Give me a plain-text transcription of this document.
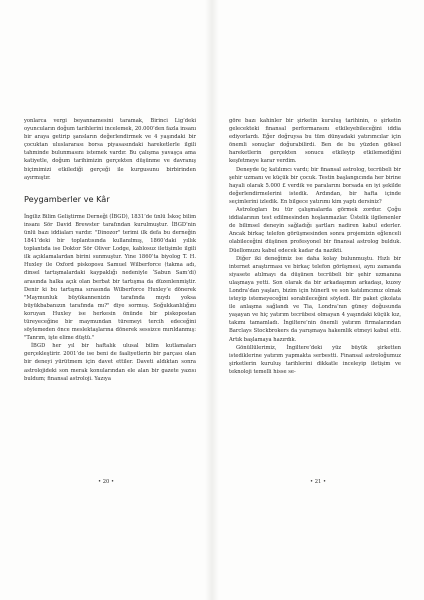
yonlarca vergi beyannamesini taramak, Birinci Lig’deki oyuncuların doğum tarihlerini incelemek, 20.000’den fazla insanı bir araya getirip şansların değerlendirmek ve 4 yaşındaki bir çocuktan uluslararası borsa piyasasındaki hareketlerle ilgili tahminde bulunmasını istemek vardır. Bu çalışma yavaşça ama katiyetle, doğum tarihimizin gerçekten düşünme ve davranış biçimimizi etkilediği gerçeği ile kurgusunu birbirinden ayırmıştır.

Peygamberler ve Kâr

İngiliz Bilim Geliştirme Derneği (İBGD), 1831’de ünlü İskoç bilim insanı Sör David Brewster tarafından kurulmuştur. İBGD’nin ünlü bazı iddiaları vardır. "Dinozor" terimi ilk defa bu derneğin 1841’deki bir toplantısında kullanılmış, 1860’daki yıllık toplantıda ise Doktor Sör Oliver Lodge, kablosuz iletişimle ilgili ilk açıklamalardan birini sunmuştur. Yine 1860’ta biyolog T. H. Huxley ile Oxford piskoposu Samuel Wilberforce (takma adı, dinsel tartışmalardaki kaypaklığı nedeniyle ‘Sabun Sam’di) arasında halka açık olan berbat bir tartışma da düzenlenmiştir. Denir ki bu tartışma sırasında Wilberforce Huxley’e dönerek "Maymunluk büyükannenizin tarafında mıydı yoksa büyükbabanızın tarafında mı?" diye sormuş. Soğukkanlılığını koruyan Huxley ise herkesin önünde bir piskopostan türeyeceğine bir maymundan türemeyi tercih edeceğini söylemeden önce meslektaşlarına dönerek sessizce mırıldanmış: "Tanrım, işte elime düştü."

İBGD her yıl bir haftalık ulusal bilim kutlamaları gerçekleştirir. 2001’de ise beni de faaliyetlerin bir parçası olan bir deneyi yürütmem için davet ettiler. Daveti aldıktan sonra astrolojideki son merak konularından ele alan bir gazete yazısı buldum; finansal astroloji. Yazıya

• 20 •

göre bazı kahinler bir şirketin kuruluş tarihinin, o şirketin gelecekteki finansal performansını etkileyebileceğini iddia ediyorlardı. Eğer doğruysa bu tüm dünyadaki yatırımcılar için önemli sonuçlar doğurabilirdi. Ben de bu yüzden göksel hareketlerin gerçekten sonucu etkileyip etkilemediğini keşfetmeye karar verdim.

Deneyde üç katılımcı vardı; bir finansal astrolog, tecrübeli bir şehir uzmanı ve küçük bir çocuk. Testin başlangıcında her birine hayali olarak 5.000 £ verdik ve paralarını borsada en iyi şekilde değerlendirmelerini istedik. Ardından, bir hafta içinde seçimlerini izledik. En bilgece yatırımı kim yaptı dersiniz?

Astrologları bu tür çalışmalarda görmek zordur. Çoğu iddialarının test edilmesinden hoşlanmazlar. Üstelik ilgilenenler de bilimsel deneyin sağladığı şartları nadiren kabul ederler. Ancak birkaç telefon görüşmesinden sonra projemizin eğlenceli olabileceğini düşünen profesyonel bir finansal astrolog bulduk. Düellomuzu kabul edecek kadar da nazikti.

Diğer iki deneğimiz ise daha kolay bulunmuştu. Hızlı bir internet araştırması ve birkaç telefon görüşmesi, aynı zamanda siyasete atılmayı da düşünen tecrübeli bir şehir uzmanına ulaşmaya yetti. Son olarak da bir arkadaşımın arkadaşı, kuzey Londra’dan yaşları, bizim için hünerli ve son katılımcımız olmak isteyip istemeyeceğini sorabileceğini söyledi. Bir paket çikolata ile anlaşma sağlandı ve Tia, Londra’nın güney doğusunda yaşayan ve hiç yatırım tecrübesi olmayan 4 yaşındaki küçük kız, takımı tamamladı. İngiltere’nin önemli yatırım firmalarından Barclays Stockbrokers da yarışmaya hakemlik etmeyi kabul etti. Artık başlamaya hazırdık.

Gönüllülerimiz, İngiltere’deki yüz büyük şirketten istediklerine yatırım yapmakta serbestti. Finansal astroloğumuz şirketlerin kuruluş tarihlerini dikkatle inceleyip iletişim ve teknoloji temelli hisse se-

• 21 •
